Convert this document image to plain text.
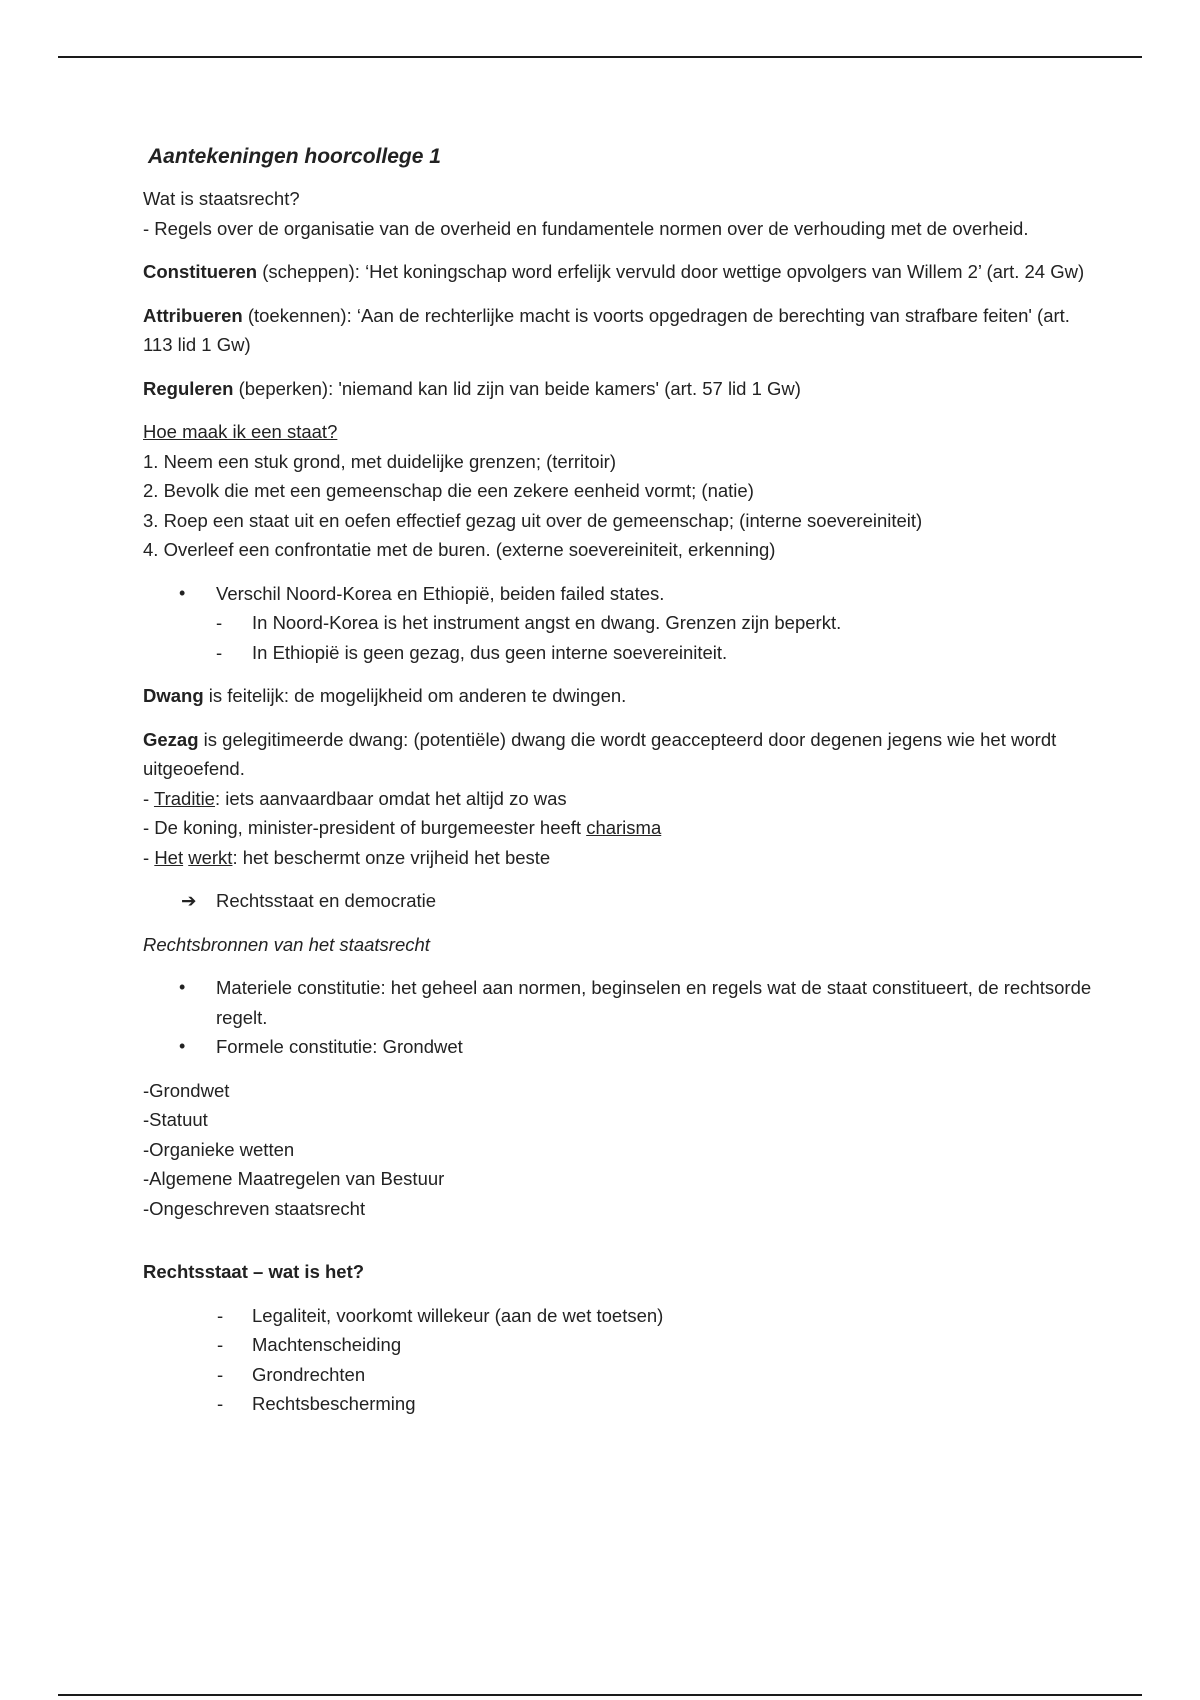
Aantekeningen hoorcollege 1

Wat is staatsrecht?
- Regels over de organisatie van de overheid en fundamentele normen over de verhouding met de overheid.

Constitueren (scheppen): ‘Het koningschap word erfelijk vervuld door wettige opvolgers van Willem 2’ (art. 24 Gw)

Attribueren (toekennen): ‘Aan de rechterlijke macht is voorts opgedragen de berechting van strafbare feiten' (art. 113 lid 1 Gw)

Reguleren (beperken): 'niemand kan lid zijn van beide kamers' (art. 57 lid 1 Gw)

Hoe maak ik een staat?
1. Neem een stuk grond, met duidelijke grenzen; (territoir)
2. Bevolk die met een gemeenschap die een zekere eenheid vormt; (natie)
3. Roep een staat uit en oefen effectief gezag uit over de gemeenschap; (interne soevereiniteit)
4. Overleef een confrontatie met de buren. (externe soevereiniteit, erkenning)

• Verschil Noord-Korea en Ethiopië, beiden failed states.
- In Noord-Korea is het instrument angst en dwang. Grenzen zijn beperkt.
- In Ethiopië is geen gezag, dus geen interne soevereiniteit.

Dwang is feitelijk: de mogelijkheid om anderen te dwingen.

Gezag is gelegitimeerde dwang: (potentiële) dwang die wordt geaccepteerd door degenen jegens wie het wordt uitgeoefend.
- Traditie: iets aanvaardbaar omdat het altijd zo was
- De koning, minister-president of burgemeester heeft charisma
- Het werkt: het beschermt onze vrijheid het beste

➔ Rechtsstaat en democratie

Rechtsbronnen van het staatsrecht

• Materiele constitutie: het geheel aan normen, beginselen en regels wat de staat constitueert, de rechtsorde regelt.
• Formele constitutie: Grondwet

-Grondwet
-Statuut
-Organieke wetten
-Algemene Maatregelen van Bestuur
-Ongeschreven staatsrecht

Rechtsstaat – wat is het?

- Legaliteit, voorkomt willekeur (aan de wet toetsen)
- Machtenscheiding
- Grondrechten
- Rechtsbescherming
